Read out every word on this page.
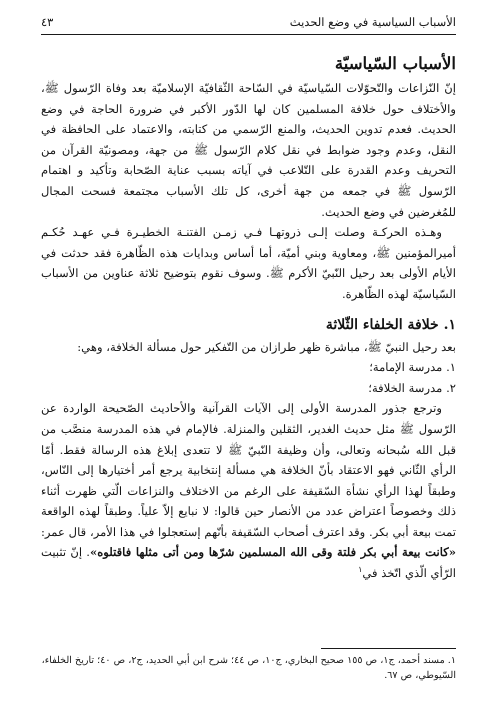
الأسباب السياسية في وضع الحديث
٤٣
الأسباب السّياسيّة

إنّ النّزاعات والتّحوّلات السّياسيّة في السّاحة الثّقافيّة الإسلاميّة بعد وفاة الرّسول ﷺ، والأختلاف حول خلافة المسلمين كان لها الدّور الأكبر في ضرورة الحاجة في وضع الحديث. فعدم تدوين الحديث، والمنع الرّسمي من كتابته، والاعتماد على الحافظة في النقل، وعدم وجود ضوابط في نقل كلام الرّسول ﷺ من جهة، ومصونيّة القرآن من التحريف وعدم القدرة على التّلاعب في آياته بسبب عناية الصّحابة وتأكيد و اهتمام الرّسول ﷺ في جمعه من جهة أخرى، كل تلك الأسباب مجتمعة فسحت المجال للمُغرضين في وضع الحديث.

وهـذه الحركـة وصلت إلـى ذروتهـا فـي زمـن الفتنـة الخطيـرة فـي عهـد حُكـم أميرالمؤمنين ﷺ، ومعاوية وبني أميّة، أما أساس وبدايات هذه الظّاهرة فقد حدثت في الأيام الأولى بعد رحيل النّبيّ الأكرم ﷺ. وسوف نقوم بتوضيح ثلاثة عناوين من الأسباب السّياسيّة لهذه الظّاهرة.

١. خلافة الخلفاء الثّلاثة

بعد رحيل النبيّ ﷺ، مباشرة ظهر طرازان من التّفكير حول مسألة الخلافة، وهي:

١. مدرسة الإمامة؛
٢. مدرسة الخلافة؛

وترجع جذور المدرسة الأولى إلى الآيات القرآنية والأحاديث الصّحيحة الواردة عن الرّسول ﷺ مثل حديث الغدير، الثقلين والمنزلة. فالإمام في هذه المدرسة منصَّب من قبل الله سُبحانه وتعالى، وأن وظيفة النّبيّ ﷺ لا تتعدى إبلاغ هذه الرسالة فقط. أمّا الرأي الثّاني فهو الاعتقاد بأنّ الخلافة هي مسألة إنتخابية يرجع أمر أختيارها إلى النّاس، وطبقاً لهذا الرأي نشأة السّقيفة على الرغم من الاختلاف والنزاعات الّتي ظهرت أثناء ذلك وخصوصاً اعتراض عدد من الأنصار حين قالوا: لا نبايع إلاّ علياً. وطبقاً لهذه الواقعة تمت بيعة أبي بكر. وقد اعترف أصحاب السّقيفة بأنّهم إستعجلوا في هذا الأمر، قال عمر: «كانت بيعة أبي بكر فلتة وقى الله المسلمين شرّها ومن أتى مثلها فاقتلوه». إنّ تثبيت الرّأي الّذي اتّخذ في$^١$

١. مسند أحمد، ج١، ص ١٥٥ صحيح البخاري، ج١٠، ص ٤٤؛ شرح ابن أبي الحديد، ج٢، ص ٤٠؛ تاريخ الخلفاء، السّيوطي، ص ٦٧.
